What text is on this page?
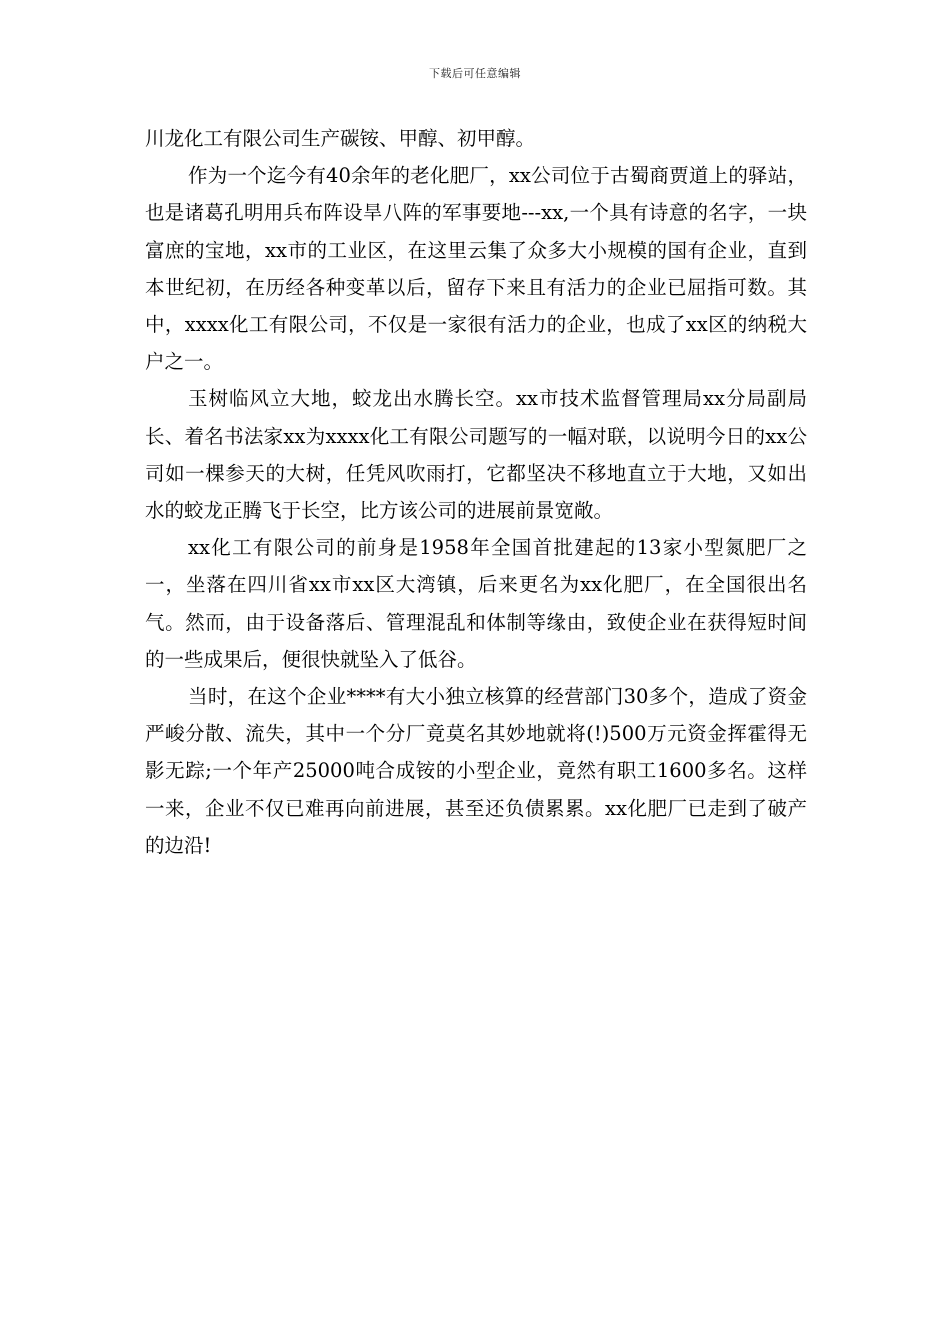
下载后可任意编辑

川龙化工有限公司生产碳铵、甲醇、初甲醇。

作为一个迄今有40余年的老化肥厂，xx公司位于古蜀商贾道上的驿站，也是诸葛孔明用兵布阵设旱八阵的军事要地---xx,一个具有诗意的名字，一块富庶的宝地，xx市的工业区，在这里云集了众多大小规模的国有企业，直到本世纪初，在历经各种变革以后，留存下来且有活力的企业已屈指可数。其中，xxxx化工有限公司，不仅是一家很有活力的企业，也成了xx区的纳税大户之一。

玉树临风立大地，蛟龙出水腾长空。xx市技术监督管理局xx分局副局长、着名书法家xx为xxxx化工有限公司题写的一幅对联，以说明今日的xx公司如一棵参天的大树，任凭风吹雨打，它都坚决不移地直立于大地，又如出水的蛟龙正腾飞于长空，比方该公司的进展前景宽敞。

xx化工有限公司的前身是1958年全国首批建起的13家小型氮肥厂之一，坐落在四川省xx市xx区大湾镇，后来更名为xx化肥厂，在全国很出名气。然而，由于设备落后、管理混乱和体制等缘由，致使企业在获得短时间的一些成果后，便很快就坠入了低谷。

当时，在这个企业****有大小独立核算的经营部门30多个，造成了资金严峻分散、流失，其中一个分厂竟莫名其妙地就将(!)500万元资金挥霍得无影无踪;一个年产25000吨合成铵的小型企业，竟然有职工1600多名。这样一来，企业不仅已难再向前进展，甚至还负债累累。xx化肥厂已走到了破产的边沿!
